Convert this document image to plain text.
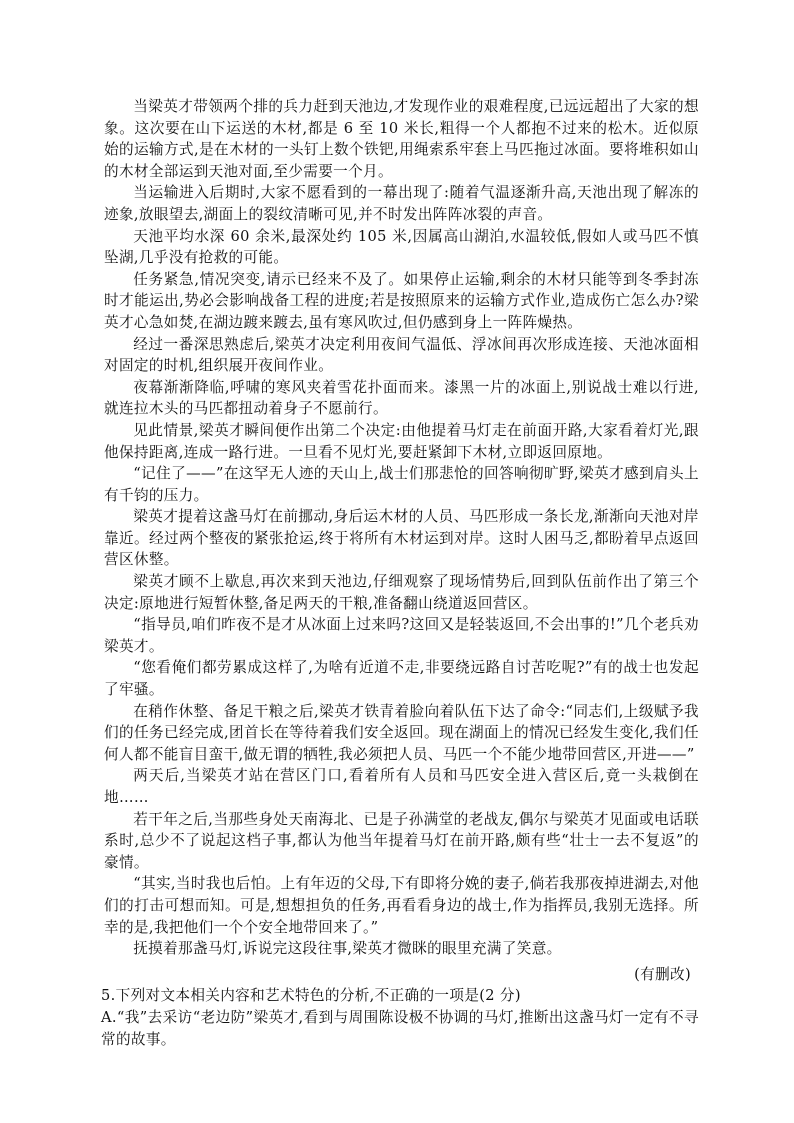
当梁英才带领两个排的兵力赶到天池边,才发现作业的艰难程度,已远远超出了大家的想象。这次要在山下运送的木材,都是 6 至 10 米长,粗得一个人都抱不过来的松木。近似原始的运输方式,是在木材的一头钉上数个铁钯,用绳索系牢套上马匹拖过冰面。要将堆积如山的木材全部运到天池对面,至少需要一个月。

当运输进入后期时,大家不愿看到的一幕出现了:随着气温逐渐升高,天池出现了解冻的迹象,放眼望去,湖面上的裂纹清晰可见,并不时发出阵阵冰裂的声音。

天池平均水深 60 余米,最深处约 105 米,因属高山湖泊,水温较低,假如人或马匹不慎坠湖,几乎没有抢救的可能。

任务紧急,情况突变,请示已经来不及了。如果停止运输,剩余的木材只能等到冬季封冻时才能运出,势必会影响战备工程的进度;若是按照原来的运输方式作业,造成伤亡怎么办?梁英才心急如焚,在湖边踱来踱去,虽有寒风吹过,但仍感到身上一阵阵燥热。

经过一番深思熟虑后,梁英才决定利用夜间气温低、浮冰间再次形成连接、天池冰面相对固定的时机,组织展开夜间作业。

夜幕渐渐降临,呼啸的寒风夹着雪花扑面而来。漆黑一片的冰面上,别说战士难以行进,就连拉木头的马匹都扭动着身子不愿前行。

见此情景,梁英才瞬间便作出第二个决定:由他提着马灯走在前面开路,大家看着灯光,跟他保持距离,连成一路行进。一旦看不见灯光,要赶紧卸下木材,立即返回原地。

“记住了——”在这罕无人迹的天山上,战士们那悲怆的回答响彻旷野,梁英才感到肩头上有千钧的压力。

梁英才提着这盏马灯在前挪动,身后运木材的人员、马匹形成一条长龙,渐渐向天池对岸靠近。经过两个整夜的紧张抢运,终于将所有木材运到对岸。这时人困马乏,都盼着早点返回营区休整。

梁英才顾不上歇息,再次来到天池边,仔细观察了现场情势后,回到队伍前作出了第三个决定:原地进行短暂休整,备足两天的干粮,准备翻山绕道返回营区。

“指导员,咱们昨夜不是才从冰面上过来吗?这回又是轻装返回,不会出事的!”几个老兵劝梁英才。

“您看俺们都劳累成这样了,为啥有近道不走,非要绕远路自讨苦吃呢?”有的战士也发起了牢骚。

在稍作休整、备足干粮之后,梁英才铁青着脸向着队伍下达了命令:“同志们,上级赋予我们的任务已经完成,团首长在等待着我们安全返回。现在湖面上的情况已经发生变化,我们任何人都不能盲目蛮干,做无谓的牺牲,我必须把人员、马匹一个不能少地带回营区,开进——”

两天后,当梁英才站在营区门口,看着所有人员和马匹安全进入营区后,竟一头栽倒在地……

若干年之后,当那些身处天南海北、已是子孙满堂的老战友,偶尔与梁英才见面或电话联系时,总少不了说起这档子事,都认为他当年提着马灯在前开路,颇有些“壮士一去不复返”的豪情。

“其实,当时我也后怕。上有年迈的父母,下有即将分娩的妻子,倘若我那夜掉进湖去,对他们的打击可想而知。可是,想想担负的任务,再看看身边的战士,作为指挥员,我别无选择。所幸的是,我把他们一个个安全地带回来了。”

抚摸着那盏马灯,诉说完这段往事,梁英才微眯的眼里充满了笑意。

(有删改)

5.下列对文本相关内容和艺术特色的分析,不正确的一项是(2 分)

A.“我”去采访“老边防”梁英才,看到与周围陈设极不协调的马灯,推断出这盏马灯一定有不寻常的故事。
